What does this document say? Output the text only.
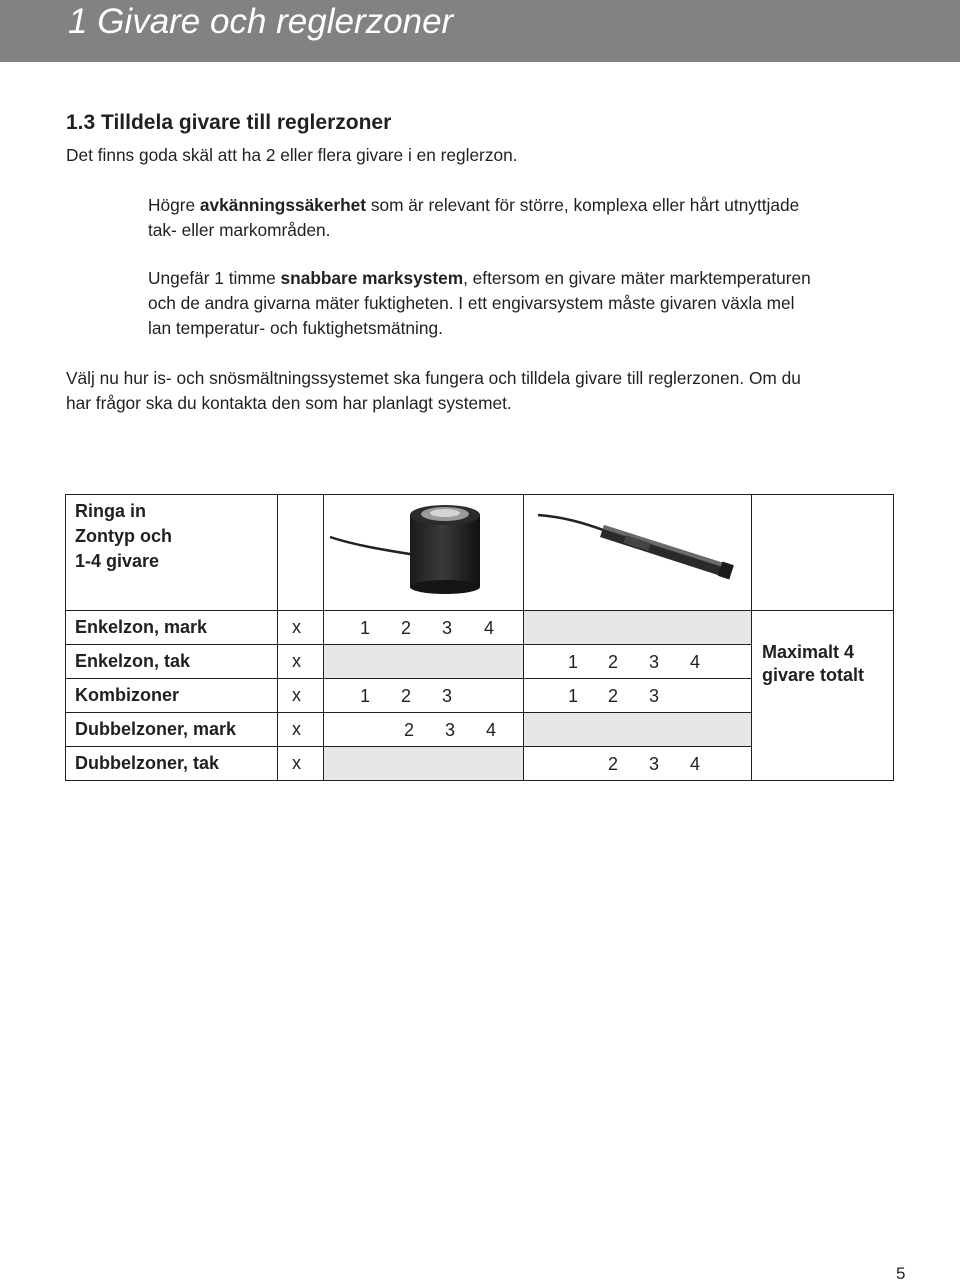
1 Givare och reglerzoner
1.3 Tilldela givare till reglerzoner

Det finns goda skäl att ha 2 eller flera givare i en reglerzon.

Högre avkänningssäkerhet som är relevant för större, komplexa eller hårt utnyttjade

tak- eller markområden.

Ungefär 1 timme snabbare marksystem, eftersom en givare mäter marktemperaturen

och de andra givarna mäter fuktigheten. I ett engivarsystem måste givaren växla mel

lan temperatur- och fuktighetsmätning.

Välj nu hur is- och snösmältningssystemet ska fungera och tilldela givare till reglerzonen. Om du

har frågor ska du kontakta den som har planlagt systemet.

Ringa in
Zontyp och
1-4 givare

Enkelzon, mark	x	1 2 3 4		Maximalt 4 givare totalt

Enkelzon, tak	x		1 2 3 4	

Kombizoner	x	1 2 3	1 2 3	

Dubbelzoner, mark	x	2 3 4		

Dubbelzoner, tak	x		2 3 4	
5
